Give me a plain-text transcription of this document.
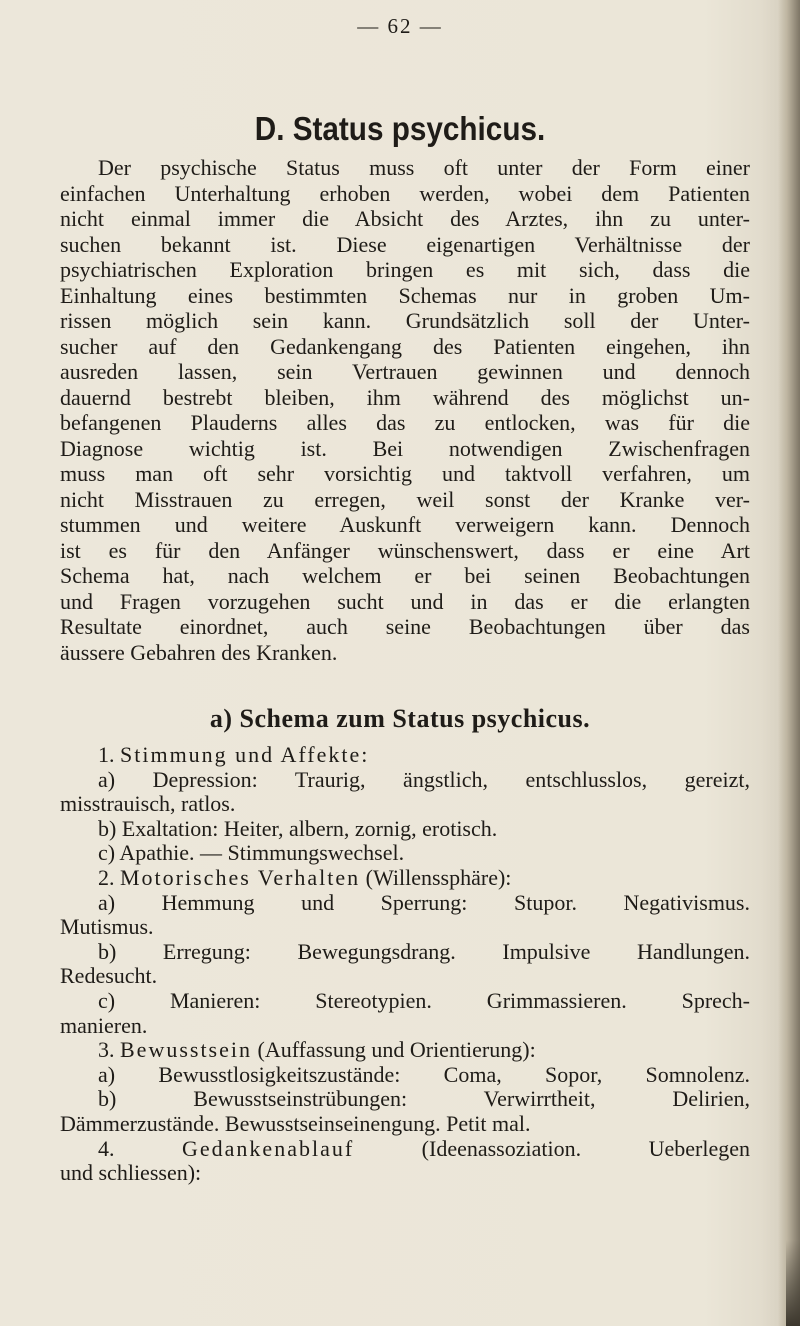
— 62 —
D. Status psychicus.
Der psychische Status muss oft unter der Form einer
einfachen Unterhaltung erhoben werden, wobei dem Patienten
nicht einmal immer die Absicht des Arztes, ihn zu unter-
suchen bekannt ist. Diese eigenartigen Verhältnisse der
psychiatrischen Exploration bringen es mit sich, dass die
Einhaltung eines bestimmten Schemas nur in groben Um-
rissen möglich sein kann. Grundsätzlich soll der Unter-
sucher auf den Gedankengang des Patienten eingehen, ihn
ausreden lassen, sein Vertrauen gewinnen und dennoch
dauernd bestrebt bleiben, ihm während des möglichst un-
befangenen Plauderns alles das zu entlocken, was für die
Diagnose wichtig ist. Bei notwendigen Zwischenfragen
muss man oft sehr vorsichtig und taktvoll verfahren, um
nicht Misstrauen zu erregen, weil sonst der Kranke ver-
stummen und weitere Auskunft verweigern kann. Dennoch
ist es für den Anfänger wünschenswert, dass er eine Art
Schema hat, nach welchem er bei seinen Beobachtungen
und Fragen vorzugehen sucht und in das er die erlangten
Resultate einordnet, auch seine Beobachtungen über das
äussere Gebahren des Kranken.
a) Schema zum Status psychicus.
1. Stimmung und Affekte:
a) Depression: Traurig, ängstlich, entschlusslos, gereizt,
misstrauisch, ratlos.
b) Exaltation: Heiter, albern, zornig, erotisch.
c) Apathie. — Stimmungswechsel.
2. Motorisches Verhalten (Willenssphäre):
a) Hemmung und Sperrung: Stupor. Negativismus.
Mutismus.
b) Erregung: Bewegungsdrang. Impulsive Handlungen.
Redesucht.
c) Manieren: Stereotypien. Grimmassieren. Sprech-
manieren.
3. Bewusstsein (Auffassung und Orientierung):
a) Bewusstlosigkeitszustände: Coma, Sopor, Somnolenz.
b) Bewusstseinstrübungen: Verwirrtheit, Delirien,
Dämmerzustände. Bewusstseinseinengung. Petit mal.
4. Gedankenablauf (Ideenassoziation. Ueberlegen
und schliessen):
